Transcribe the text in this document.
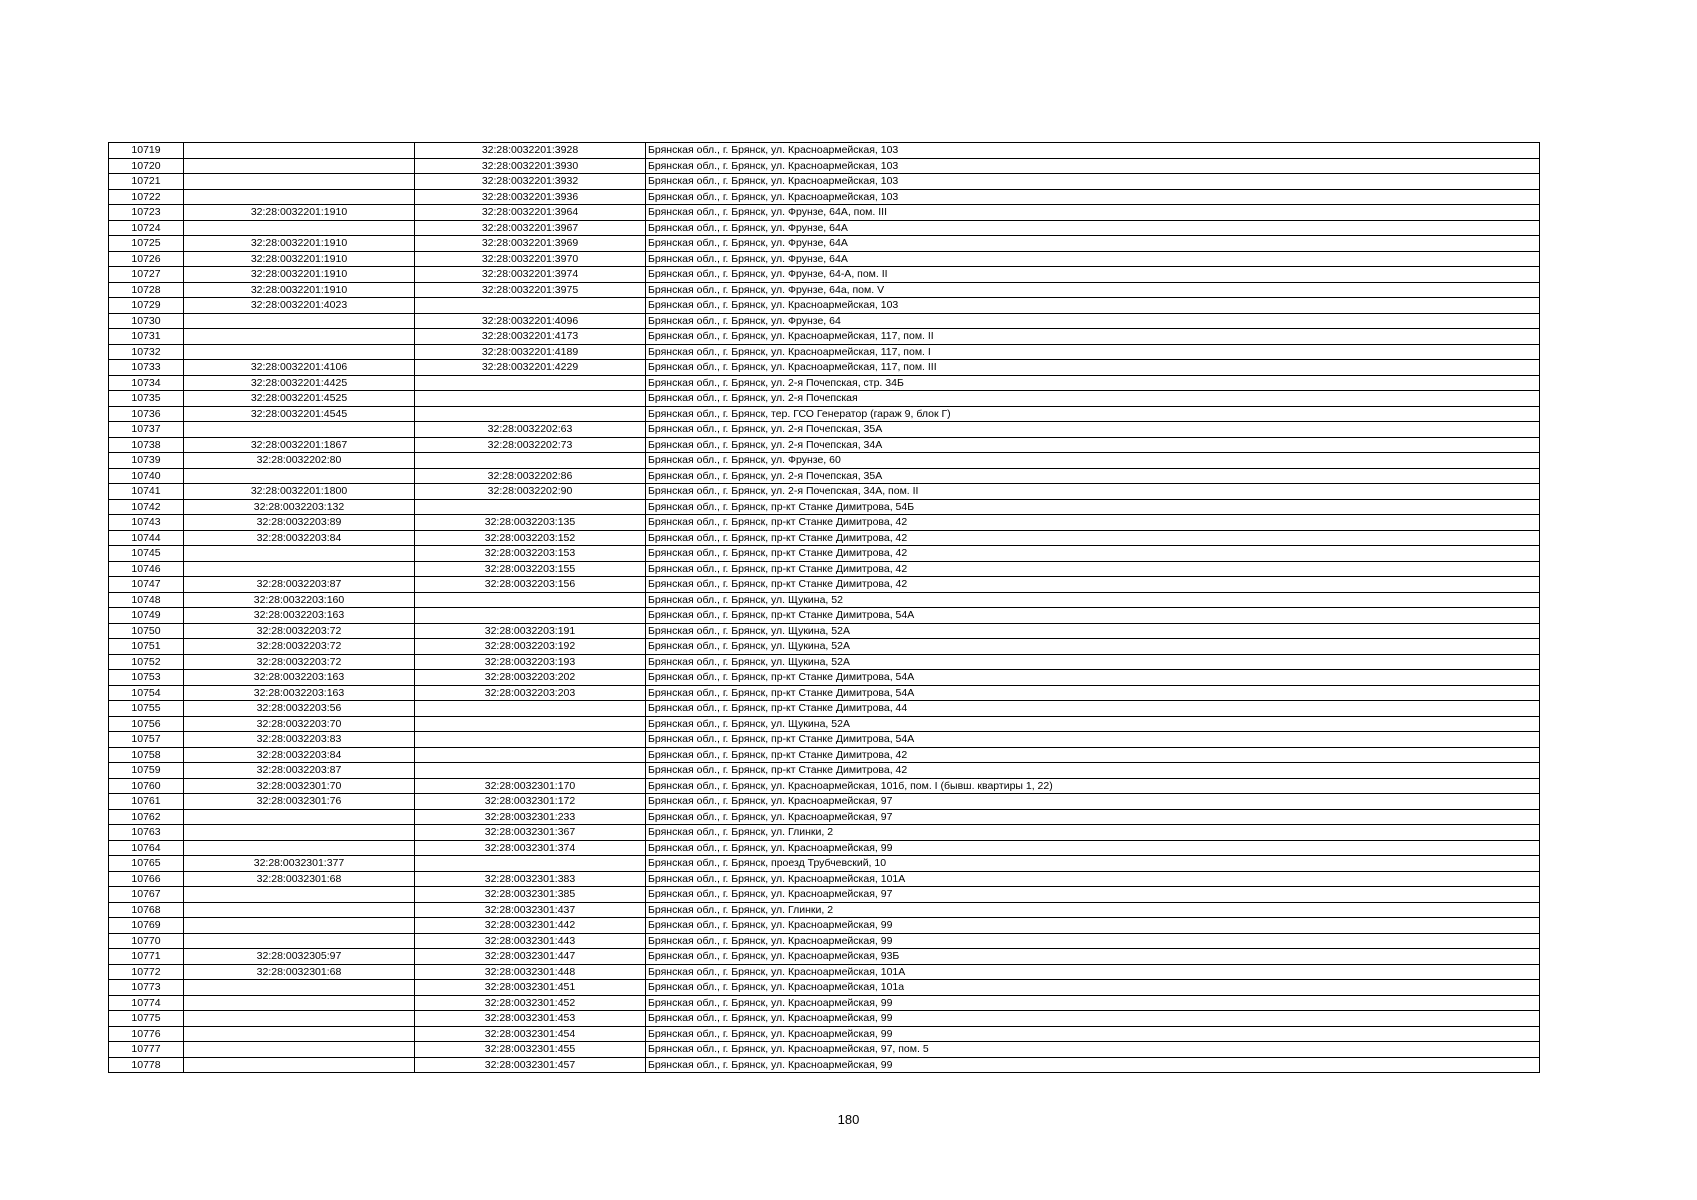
10719		32:28:0032201:3928	Брянская обл., г. Брянск, ул. Красноармейская, 103
10720		32:28:0032201:3930	Брянская обл., г. Брянск, ул. Красноармейская, 103
10721		32:28:0032201:3932	Брянская обл., г. Брянск, ул. Красноармейская, 103
10722		32:28:0032201:3936	Брянская обл., г. Брянск, ул. Красноармейская, 103
10723	32:28:0032201:1910	32:28:0032201:3964	Брянская обл., г. Брянск, ул. Фрунзе, 64А, пом. III
10724		32:28:0032201:3967	Брянская обл., г. Брянск, ул. Фрунзе, 64А
10725	32:28:0032201:1910	32:28:0032201:3969	Брянская обл., г. Брянск, ул. Фрунзе, 64А
10726	32:28:0032201:1910	32:28:0032201:3970	Брянская обл., г. Брянск, ул. Фрунзе, 64А
10727	32:28:0032201:1910	32:28:0032201:3974	Брянская обл., г. Брянск, ул. Фрунзе, 64-А, пом. II
10728	32:28:0032201:1910	32:28:0032201:3975	Брянская обл., г. Брянск, ул. Фрунзе, 64а, пом. V
10729	32:28:0032201:4023		Брянская обл., г. Брянск, ул. Красноармейская, 103
10730		32:28:0032201:4096	Брянская обл., г. Брянск, ул. Фрунзе, 64
10731		32:28:0032201:4173	Брянская обл., г. Брянск, ул. Красноармейская, 117, пом. II
10732		32:28:0032201:4189	Брянская обл., г. Брянск, ул. Красноармейская, 117, пом. I
10733	32:28:0032201:4106	32:28:0032201:4229	Брянская обл., г. Брянск, ул. Красноармейская, 117, пом. III
10734	32:28:0032201:4425		Брянская обл., г. Брянск, ул. 2-я Почепская, стр. 34Б
10735	32:28:0032201:4525		Брянская обл., г. Брянск, ул. 2-я Почепская
10736	32:28:0032201:4545		Брянская обл., г. Брянск, тер. ГСО Генератор (гараж 9, блок Г)
10737		32:28:0032202:63	Брянская обл., г. Брянск, ул. 2-я Почепская, 35А
10738	32:28:0032201:1867	32:28:0032202:73	Брянская обл., г. Брянск, ул. 2-я Почепская, 34А
10739	32:28:0032202:80		Брянская обл., г. Брянск, ул. Фрунзе, 60
10740		32:28:0032202:86	Брянская обл., г. Брянск, ул. 2-я Почепская, 35А
10741	32:28:0032201:1800	32:28:0032202:90	Брянская обл., г. Брянск, ул. 2-я Почепская, 34А, пом. II
10742	32:28:0032203:132		Брянская обл., г. Брянск, пр-кт Станке Димитрова, 54Б
10743	32:28:0032203:89	32:28:0032203:135	Брянская обл., г. Брянск, пр-кт Станке Димитрова, 42
10744	32:28:0032203:84	32:28:0032203:152	Брянская обл., г. Брянск, пр-кт Станке Димитрова, 42
10745		32:28:0032203:153	Брянская обл., г. Брянск, пр-кт Станке Димитрова, 42
10746		32:28:0032203:155	Брянская обл., г. Брянск, пр-кт Станке Димитрова, 42
10747	32:28:0032203:87	32:28:0032203:156	Брянская обл., г. Брянск, пр-кт Станке Димитрова, 42
10748	32:28:0032203:160		Брянская обл., г. Брянск, ул. Щукина, 52
10749	32:28:0032203:163		Брянская обл., г. Брянск, пр-кт Станке Димитрова, 54А
10750	32:28:0032203:72	32:28:0032203:191	Брянская обл., г. Брянск, ул. Щукина, 52А
10751	32:28:0032203:72	32:28:0032203:192	Брянская обл., г. Брянск, ул. Щукина, 52А
10752	32:28:0032203:72	32:28:0032203:193	Брянская обл., г. Брянск, ул. Щукина, 52А
10753	32:28:0032203:163	32:28:0032203:202	Брянская обл., г. Брянск, пр-кт Станке Димитрова, 54А
10754	32:28:0032203:163	32:28:0032203:203	Брянская обл., г. Брянск, пр-кт Станке Димитрова, 54А
10755	32:28:0032203:56		Брянская обл., г. Брянск, пр-кт Станке Димитрова, 44
10756	32:28:0032203:70		Брянская обл., г. Брянск, ул. Щукина, 52А
10757	32:28:0032203:83		Брянская обл., г. Брянск, пр-кт Станке Димитрова, 54А
10758	32:28:0032203:84		Брянская обл., г. Брянск, пр-кт Станке Димитрова, 42
10759	32:28:0032203:87		Брянская обл., г. Брянск, пр-кт Станке Димитрова, 42
10760	32:28:0032301:70	32:28:0032301:170	Брянская обл., г. Брянск, ул. Красноармейская, 101б, пом. I (бывш. квартиры 1, 22)
10761	32:28:0032301:76	32:28:0032301:172	Брянская обл., г. Брянск, ул. Красноармейская, 97
10762		32:28:0032301:233	Брянская обл., г. Брянск, ул. Красноармейская, 97
10763		32:28:0032301:367	Брянская обл., г. Брянск, ул. Глинки, 2
10764		32:28:0032301:374	Брянская обл., г. Брянск, ул. Красноармейская, 99
10765	32:28:0032301:377		Брянская обл., г. Брянск, проезд Трубчевский, 10
10766	32:28:0032301:68	32:28:0032301:383	Брянская обл., г. Брянск, ул. Красноармейская, 101А
10767		32:28:0032301:385	Брянская обл., г. Брянск, ул. Красноармейская, 97
10768		32:28:0032301:437	Брянская обл., г. Брянск, ул. Глинки, 2
10769		32:28:0032301:442	Брянская обл., г. Брянск, ул. Красноармейская, 99
10770		32:28:0032301:443	Брянская обл., г. Брянск, ул. Красноармейская, 99
10771	32:28:0032305:97	32:28:0032301:447	Брянская обл., г. Брянск, ул. Красноармейская, 93Б
10772	32:28:0032301:68	32:28:0032301:448	Брянская обл., г. Брянск, ул. Красноармейская, 101А
10773		32:28:0032301:451	Брянская обл., г. Брянск, ул. Красноармейская, 101а
10774		32:28:0032301:452	Брянская обл., г. Брянск, ул. Красноармейская, 99
10775		32:28:0032301:453	Брянская обл., г. Брянск, ул. Красноармейская, 99
10776		32:28:0032301:454	Брянская обл., г. Брянск, ул. Красноармейская, 99
10777		32:28:0032301:455	Брянская обл., г. Брянск, ул. Красноармейская, 97, пом. 5
10778		32:28:0032301:457	Брянская обл., г. Брянск, ул. Красноармейская, 99
180
